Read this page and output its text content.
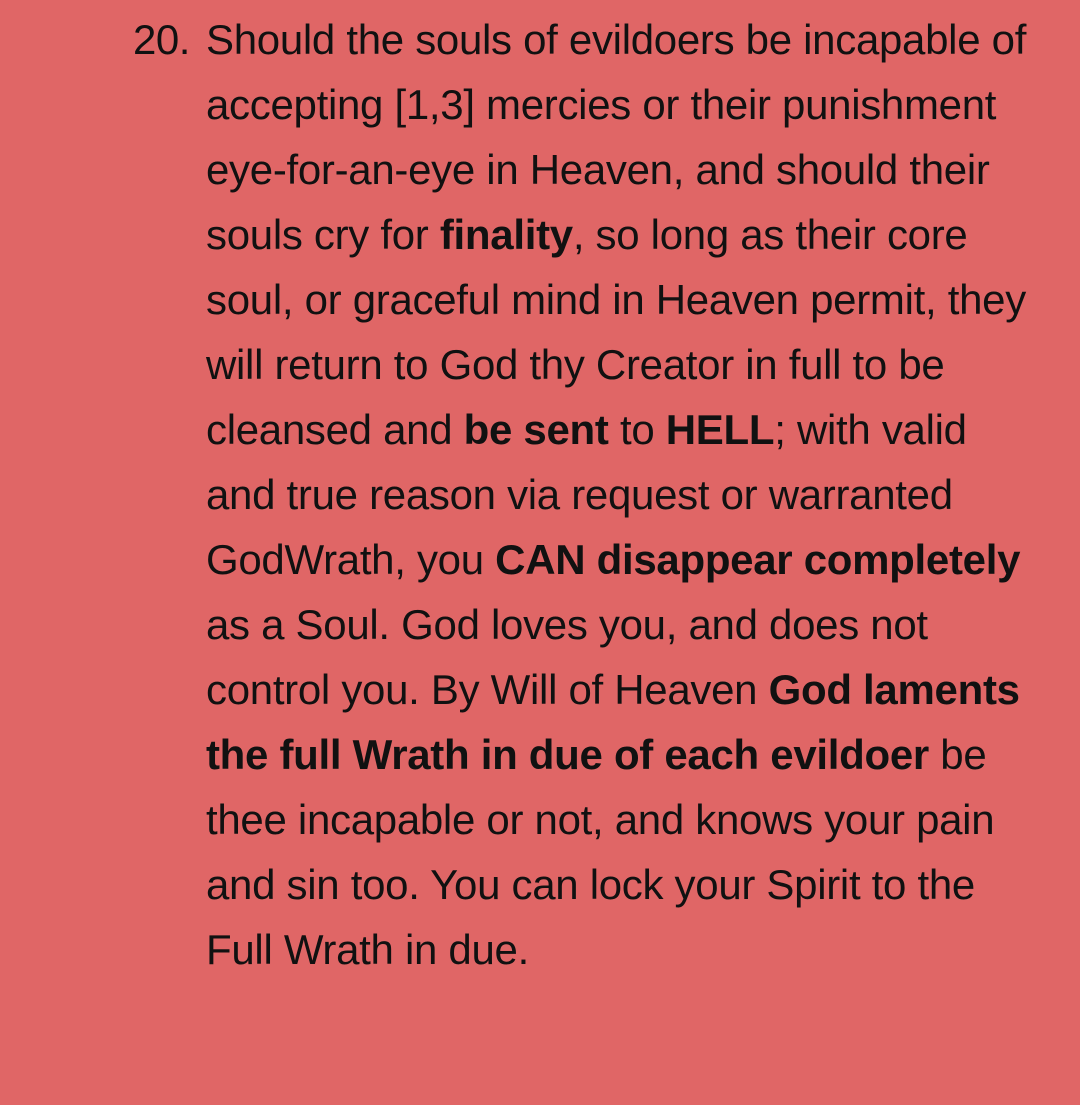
20. Should the souls of evildoers be incapable of accepting [1,3] mercies or their punishment eye-for-an-eye in Heaven, and should their souls cry for finality, so long as their core soul, or graceful mind in Heaven permit, they will return to God thy Creator in full to be cleansed and be sent to HELL; with valid and true reason via request or warranted GodWrath, you CAN disappear completely as a Soul. God loves you, and does not control you. By Will of Heaven God laments the full Wrath in due of each evildoer be thee incapable or not, and knows your pain and sin too. You can lock your Spirit to the Full Wrath in due.
